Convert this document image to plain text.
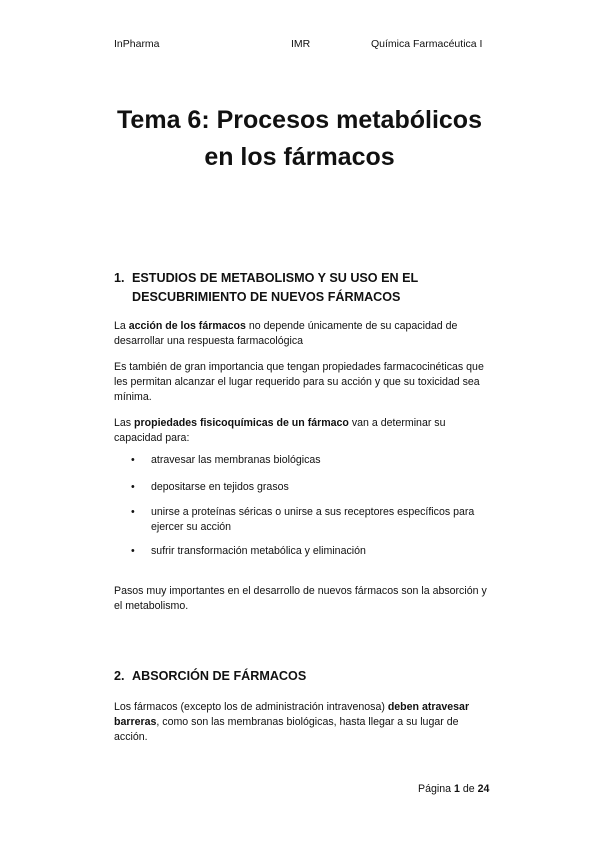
InPharma	IMR	Química Farmacéutica I
Tema 6: Procesos metabólicos
en los fármacos
1. ESTUDIOS DE METABOLISMO Y SU USO EN EL
DESCUBRIMIENTO DE NUEVOS FÁRMACOS

La acción de los fármacos no depende únicamente de su capacidad de desarrollar una respuesta farmacológica

Es también de gran importancia que tengan propiedades farmacocinéticas que les permitan alcanzar el lugar requerido para su acción y que su toxicidad sea mínima.

Las propiedades fisicoquímicas de un fármaco van a determinar su capacidad para:

• atravesar las membranas biológicas
• depositarse en tejidos grasos
• unirse a proteínas séricas o unirse a sus receptores específicos para ejercer su acción
• sufrir transformación metabólica y eliminación

Pasos muy importantes en el desarrollo de nuevos fármacos son la absorción y el metabolismo.

2. ABSORCIÓN DE FÁRMACOS

Los fármacos (excepto los de administración intravenosa) deben atravesar barreras, como son las membranas biológicas, hasta llegar a su lugar de acción.

Página 1 de 24
